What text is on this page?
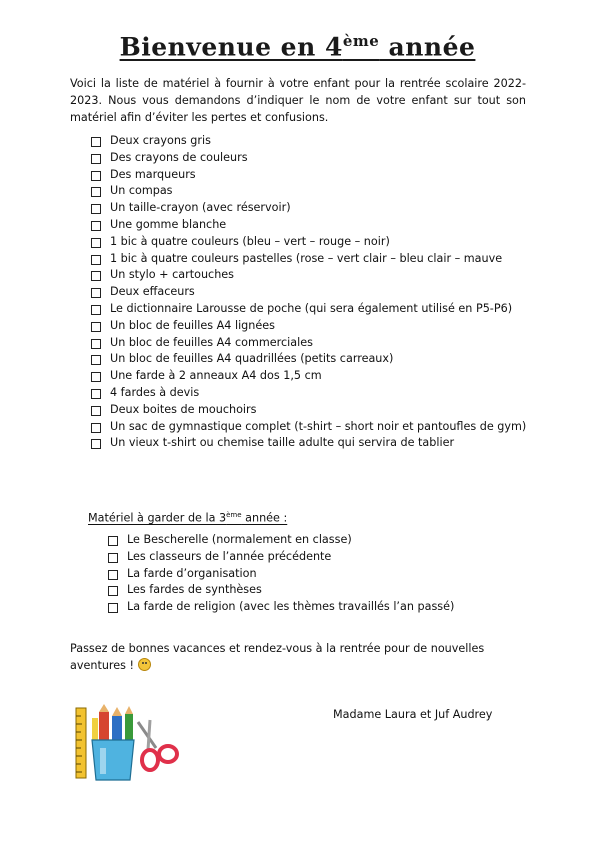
Bienvenue en 4ème année
Voici la liste de matériel à fournir à votre enfant pour la rentrée scolaire 2022-2023. Nous vous demandons d’indiquer le nom de votre enfant sur tout son matériel afin d’éviter les pertes et confusions.
Deux crayons gris
Des crayons de couleurs
Des marqueurs
Un compas
Un taille-crayon (avec réservoir)
Une gomme blanche
1 bic à quatre couleurs (bleu – vert – rouge – noir)
1 bic à quatre couleurs pastelles (rose – vert clair – bleu clair – mauve
Un stylo + cartouches
Deux effaceurs
Le dictionnaire Larousse de poche (qui sera également utilisé en P5-P6)
Un bloc de feuilles A4 lignées
Un bloc de feuilles A4 commerciales
Un bloc de feuilles A4 quadrillées (petits carreaux)
Une farde à 2 anneaux A4 dos 1,5 cm
4 fardes à devis
Deux boites de mouchoirs
Un sac de gymnastique complet (t-shirt – short noir et pantoufles de gym)
Un vieux t-shirt ou chemise taille adulte qui servira de tablier
Matériel à garder de la 3ème année :
Le Bescherelle (normalement en classe)
Les classeurs de l’année précédente
La farde d’organisation
Les fardes de synthèses
La farde de religion (avec les thèmes travaillés l’an passé)
Passez de bonnes vacances et rendez-vous à la rentrée pour de nouvelles aventures !
Madame Laura et Juf Audrey
